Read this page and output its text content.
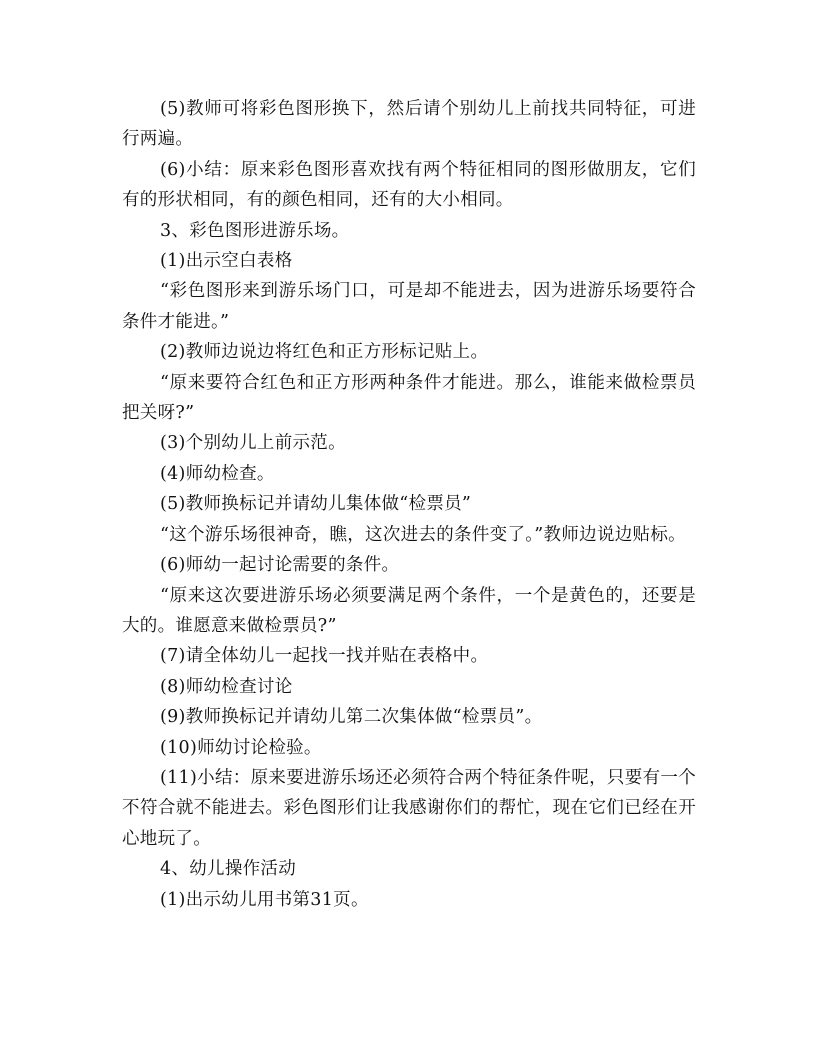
(5)教师可将彩色图形换下，然后请个别幼儿上前找共同特征，可进行两遍。

(6)小结：原来彩色图形喜欢找有两个特征相同的图形做朋友，它们有的形状相同，有的颜色相同，还有的大小相同。

3、彩色图形进游乐场。

(1)出示空白表格

“彩色图形来到游乐场门口，可是却不能进去，因为进游乐场要符合条件才能进。”

(2)教师边说边将红色和正方形标记贴上。

“原来要符合红色和正方形两种条件才能进。那么，谁能来做检票员把关呀?”

(3)个别幼儿上前示范。

(4)师幼检查。

(5)教师换标记并请幼儿集体做“检票员”

“这个游乐场很神奇，瞧，这次进去的条件变了。”教师边说边贴标。

(6)师幼一起讨论需要的条件。

“原来这次要进游乐场必须要满足两个条件，一个是黄色的，还要是大的。谁愿意来做检票员?”

(7)请全体幼儿一起找一找并贴在表格中。

(8)师幼检查讨论

(9)教师换标记并请幼儿第二次集体做“检票员”。

(10)师幼讨论检验。

(11)小结：原来要进游乐场还必须符合两个特征条件呢，只要有一个不符合就不能进去。彩色图形们让我感谢你们的帮忙，现在它们已经在开心地玩了。

4、幼儿操作活动

(1)出示幼儿用书第31页。
